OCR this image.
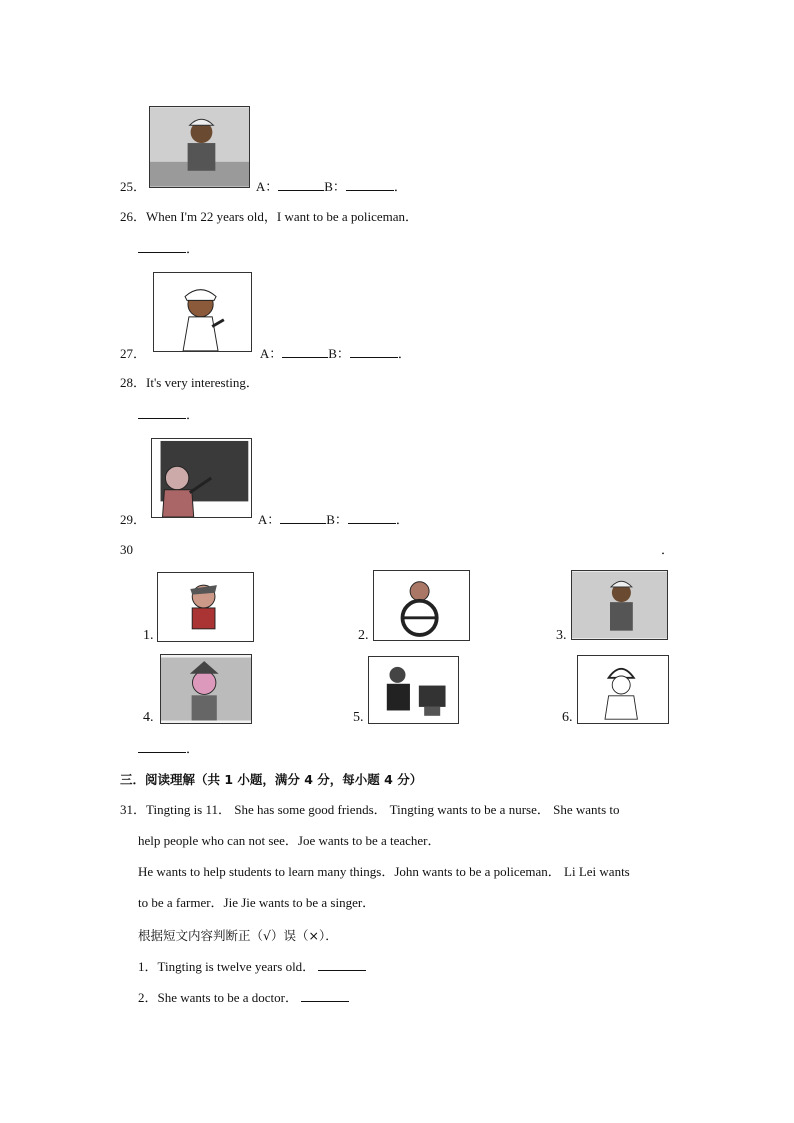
25．	A：	B：	．
26．When I'm 22 years old，I want to be a policeman．
．
27．	A：	B：	．
28．It's very interesting．
．
29．	A：	B：	．
30	．
1.	2.	3.
4.	5.	6.
．
三．阅读理解（共 1 小题，满分 4 分，每小题 4 分）
31．Tingting is 11． She has some good friends． Tingting wants to be a nurse． She wants to
help people who can not see．Joe wants to be a teacher．
He wants to help students to learn many things．John wants to be a policeman． Li Lei wants
to be a farmer．Jie Jie wants to be a singer．
根据短文内容判断正（√）误（×）．
1．Tingting is twelve years old．
2．She wants to be a doctor．
